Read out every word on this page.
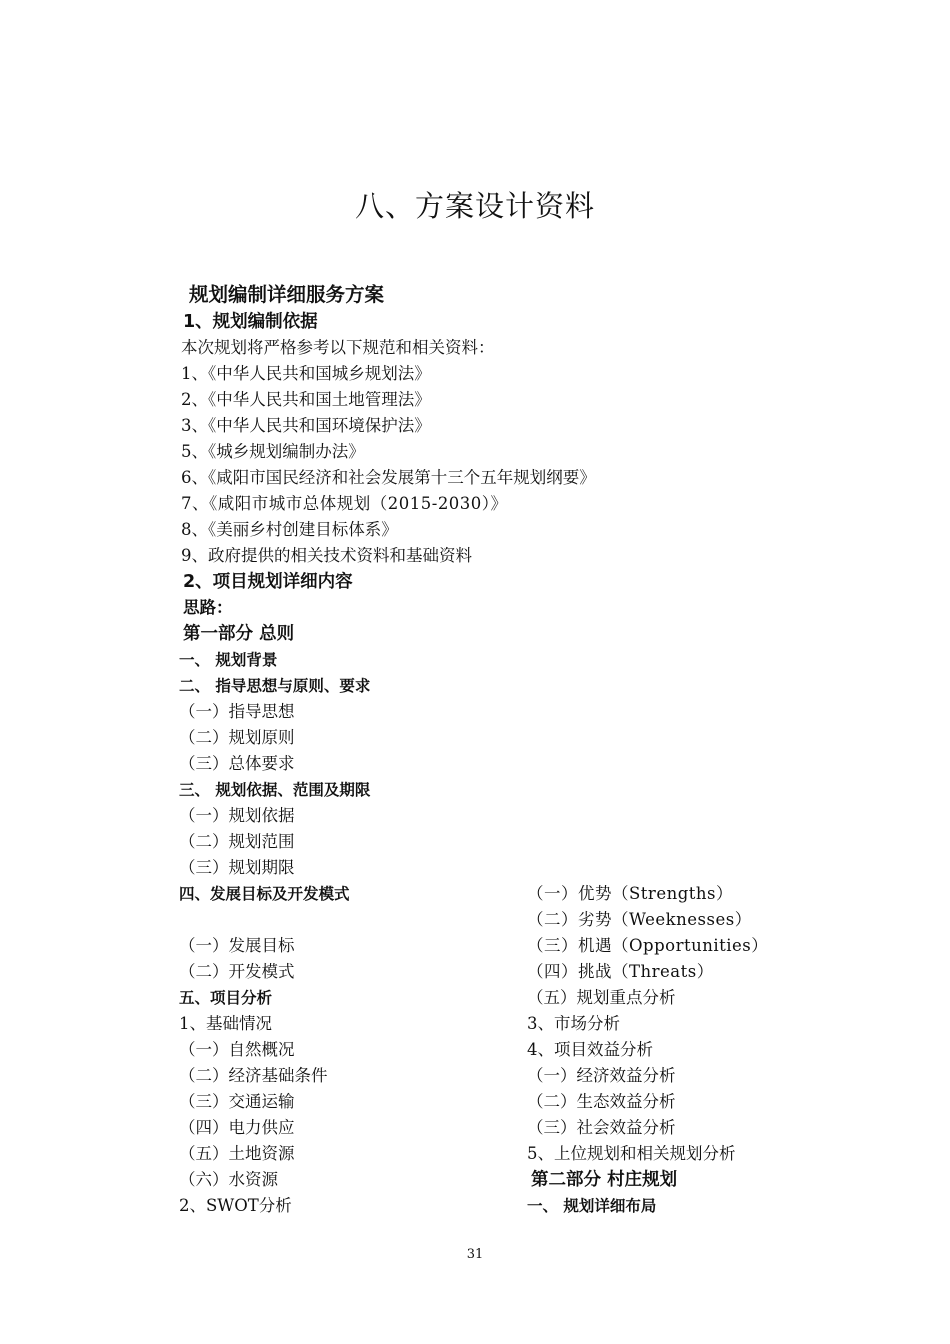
八、方案设计资料
规划编制详细服务方案
1、规划编制依据
本次规划将严格参考以下规范和相关资料：
1、《中华人民共和国城乡规划法》
2、《中华人民共和国土地管理法》
3、《中华人民共和国环境保护法》
5、《城乡规划编制办法》
6、《咸阳市国民经济和社会发展第十三个五年规划纲要》
7、《咸阳市城市总体规划（2015-2030）》
8、《美丽乡村创建目标体系》
9、政府提供的相关技术资料和基础资料
2、项目规划详细内容
思路：
第一部分 总则
一、 规划背景
二、 指导思想与原则、要求
（一）指导思想
（二）规划原则
（三）总体要求
三、 规划依据、范围及期限
（一）规划依据
（二）规划范围
（三）规划期限
四、发展目标及开发模式
（一）发展目标
（二）开发模式
五、项目分析
1、基础情况
（一）自然概况
（二）经济基础条件
（三）交通运输
（四）电力供应
（五）土地资源
（六）水资源
2、SWOT分析
（一）优势（Strengths）
（二）劣势（Weeknesses）
（三）机遇（Opportunities）
（四）挑战（Threats）
（五）规划重点分析
3、市场分析
4、项目效益分析
（一）经济效益分析
（二）生态效益分析
（三）社会效益分析
5、上位规划和相关规划分析
第二部分 村庄规划
一、 规划详细布局
31
